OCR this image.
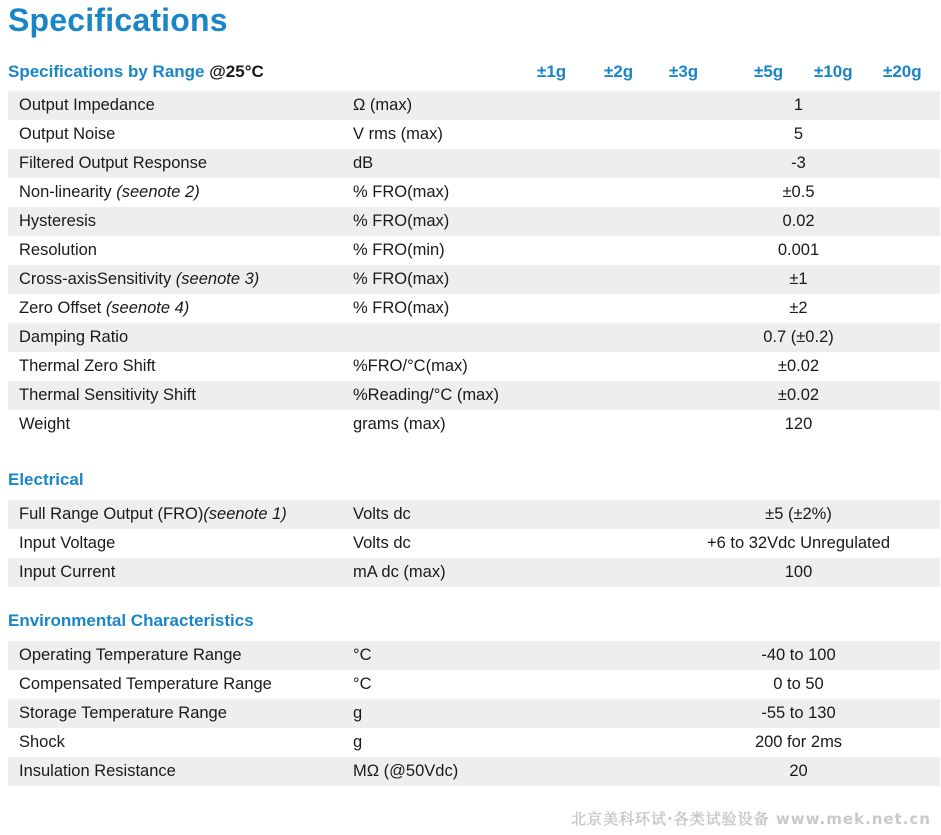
Specifications
Specifications by Range @25°C	±1g ±2g ±3g	±5g ±10g ±20g
Output Impedance	Ω (max)	1
Output Noise	V rms (max)	5
Filtered Output Response	dB	-3
Non-linearity (seenote 2)	% FRO(max)	±0.5
Hysteresis	% FRO(max)	0.02
Resolution	% FRO(min)	0.001
Cross-axisSensitivity (seenote 3)	% FRO(max)	±1
Zero Offset (seenote 4)	% FRO(max)	±2
Damping Ratio		0.7 (±0.2)
Thermal Zero Shift	%FRO/°C(max)	±0.02
Thermal Sensitivity Shift	%Reading/°C (max)	±0.02
Weight	grams (max)	120
Electrical
Full Range Output (FRO)(seenote 1)	Volts dc	±5 (±2%)
Input Voltage	Volts dc	+6 to 32Vdc Unregulated
Input Current	mA dc (max)	100
Environmental Characteristics
Operating Temperature Range	°C	-40 to 100
Compensated Temperature Range	°C	0 to 50
Storage Temperature Range	g	-55 to 130
Shock	g	200 for 2ms
Insulation Resistance	MΩ (@50Vdc)	20
北京美科环试·各类试验设备 www.mek.net.cn
